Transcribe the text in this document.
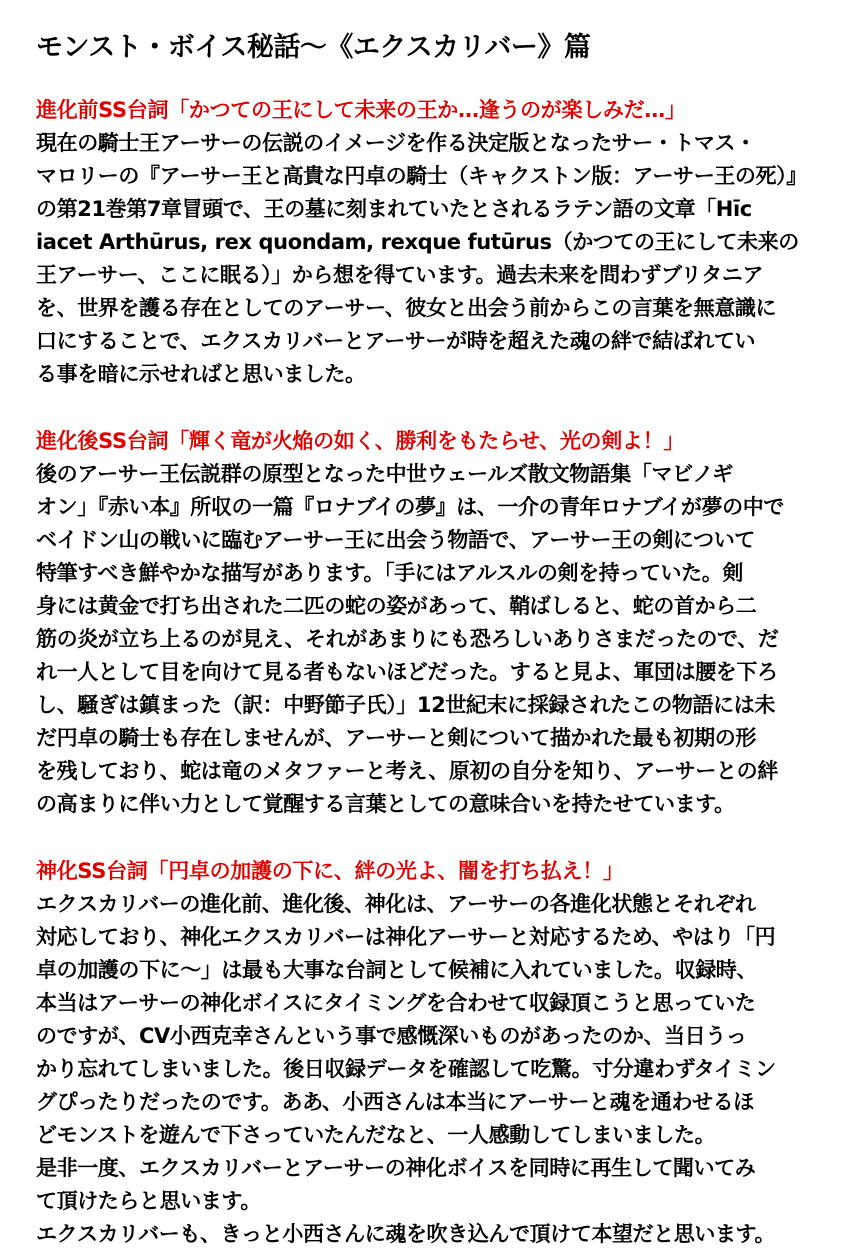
モンスト・ボイス秘話～《エクスカリバー》篇
進化前SS台詞「かつての王にして未来の王か…逢うのが楽しみだ…」
現在の騎士王アーサーの伝説のイメージを作る決定版となったサー・トマス・
マロリーの『アーサー王と高貴な円卓の騎士（キャクストン版：アーサー王の死）』
の第21巻第7章冒頭で、王の墓に刻まれていたとされるラテン語の文章「Hīc
iacet Arthūrus, rex quondam, rexque futūrus（かつての王にして未来の
王アーサー、ここに眠る）」から想を得ています。過去未来を問わずブリタニア
を、世界を護る存在としてのアーサー、彼女と出会う前からこの言葉を無意識に
口にすることで、エクスカリバーとアーサーが時を超えた魂の絆で結ばれてい
る事を暗に示せればと思いました。
進化後SS台詞「輝く竜が火焔の如く、勝利をもたらせ、光の剣よ！」
後のアーサー王伝説群の原型となった中世ウェールズ散文物語集「マビノギ
オン」『赤い本』所収の一篇『ロナブイの夢』は、一介の青年ロナブイが夢の中で
ベイドン山の戦いに臨むアーサー王に出会う物語で、アーサー王の剣について
特筆すべき鮮やかな描写があります。「手にはアルスルの剣を持っていた。剣
身には黄金で打ち出された二匹の蛇の姿があって、鞘ばしると、蛇の首から二
筋の炎が立ち上るのが見え、それがあまりにも恐ろしいありさまだったので、だ
れ一人として目を向けて見る者もないほどだった。すると見よ、軍団は腰を下ろ
し、騒ぎは鎮まった（訳：中野節子氏）」12世紀末に採録されたこの物語には未
だ円卓の騎士も存在しませんが、アーサーと剣について描かれた最も初期の形
を残しており、蛇は竜のメタファーと考え、原初の自分を知り、アーサーとの絆
の高まりに伴い力として覚醒する言葉としての意味合いを持たせています。
神化SS台詞「円卓の加護の下に、絆の光よ、闇を打ち払え！」
エクスカリバーの進化前、進化後、神化は、アーサーの各進化状態とそれぞれ
対応しており、神化エクスカリバーは神化アーサーと対応するため、やはり「円
卓の加護の下に～」は最も大事な台詞として候補に入れていました。収録時、
本当はアーサーの神化ボイスにタイミングを合わせて収録頂こうと思っていた
のですが、CV小西克幸さんという事で感慨深いものがあったのか、当日うっ
かり忘れてしまいました。後日収録データを確認して吃驚。寸分違わずタイミン
グぴったりだったのです。ああ、小西さんは本当にアーサーと魂を通わせるほ
どモンストを遊んで下さっていたんだなと、一人感動してしまいました。
是非一度、エクスカリバーとアーサーの神化ボイスを同時に再生して聞いてみ
て頂けたらと思います。
エクスカリバーも、きっと小西さんに魂を吹き込んで頂けて本望だと思います。
